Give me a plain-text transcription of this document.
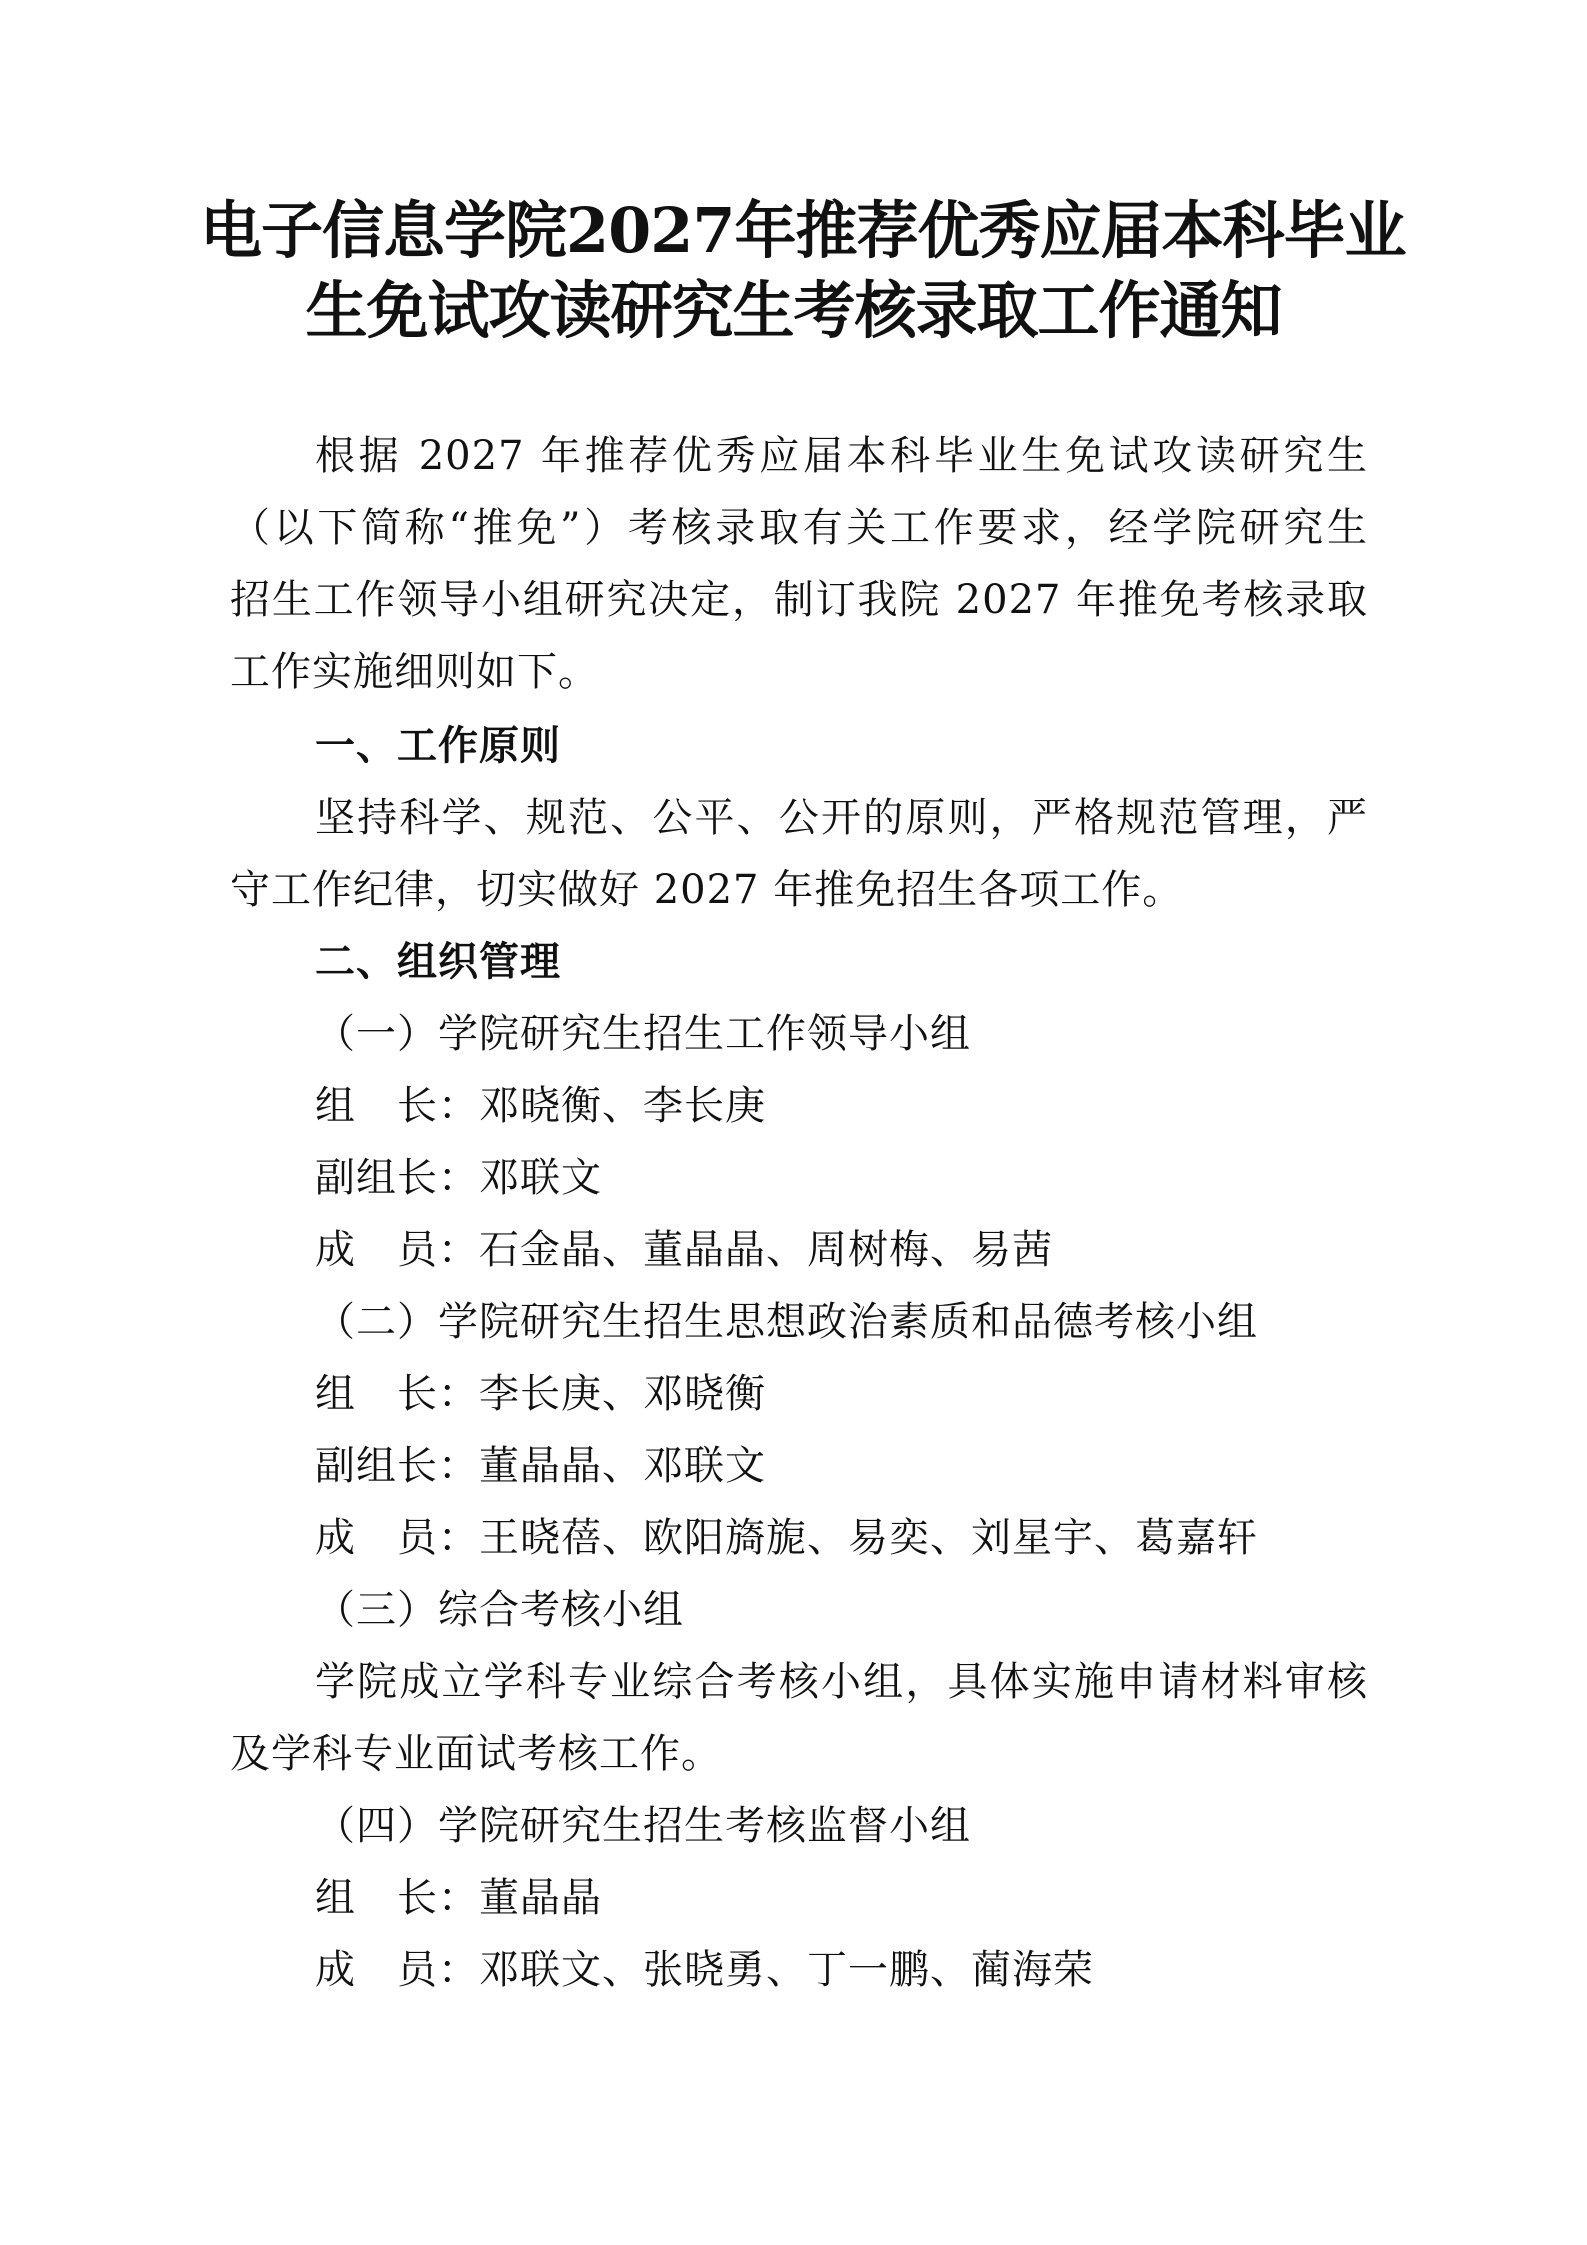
电子信息学院2027年推荐优秀应届本科毕业
生免试攻读研究生考核录取工作通知
根据 2027 年推荐优秀应届本科毕业生免试攻读研究生
（以下简称“推免”）考核录取有关工作要求，经学院研究生
招生工作领导小组研究决定，制订我院 2027 年推免考核录取
工作实施细则如下。
一、工作原则
坚持科学、规范、公平、公开的原则，严格规范管理，严
守工作纪律，切实做好 2027 年推免招生各项工作。
二、组织管理
（一）学院研究生招生工作领导小组
组　长：邓晓衡、李长庚
副组长：邓联文
成　员：石金晶、董晶晶、周树梅、易茜
（二）学院研究生招生思想政治素质和品德考核小组
组　长：李长庚、邓晓衡
副组长：董晶晶、邓联文
成　员：王晓蓓、欧阳旖旎、易奕、刘星宇、葛嘉轩
（三）综合考核小组
学院成立学科专业综合考核小组，具体实施申请材料审核
及学科专业面试考核工作。
（四）学院研究生招生考核监督小组
组　长：董晶晶
成　员：邓联文、张晓勇、丁一鹏、蔺海荣
